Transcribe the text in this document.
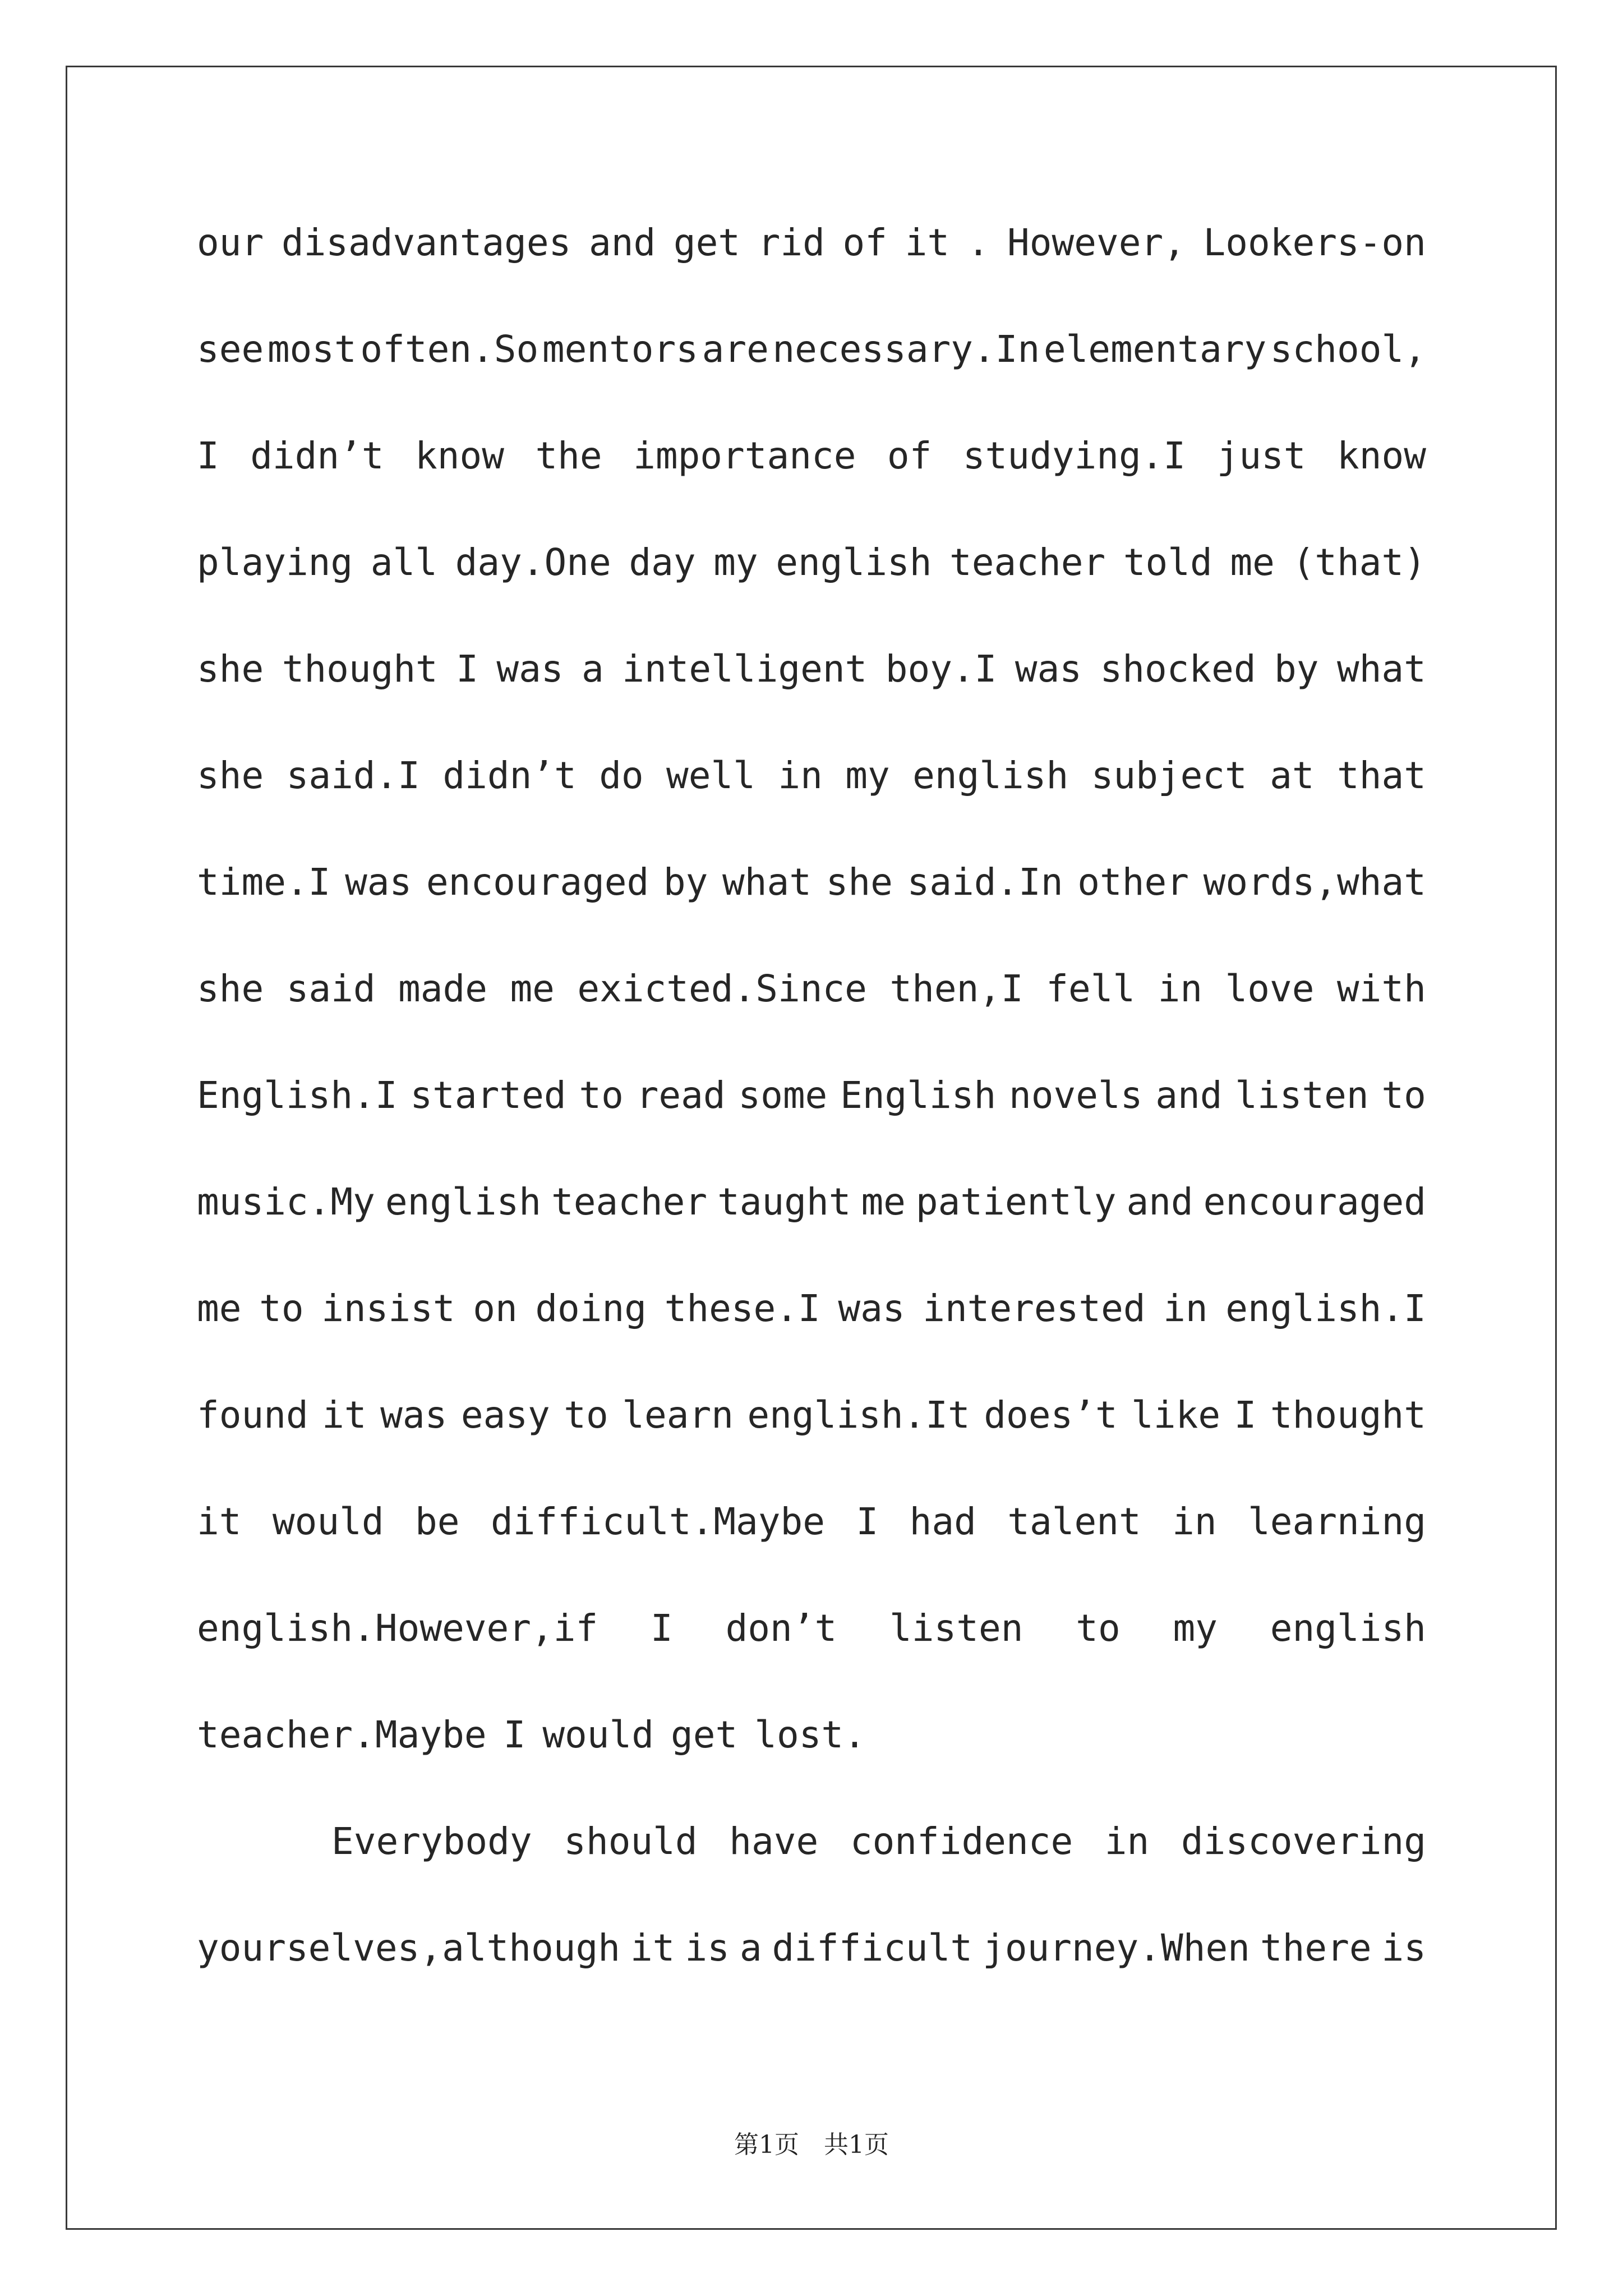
our disadvantages and get rid of it . However, Lookers-on
see most often.So mentors are necessary.In elementary school,
I didn’t know the importance of studying.I just know
playing all day.One day my english teacher told me (that)
she thought I was a intelligent boy.I was shocked by what
she said.I didn’t do well in my english subject at that
time.I was encouraged by what she said.In other words,what
she said made me exicted.Since then,I fell in love with
English.I started to read some English novels and listen to
music.My english teacher taught me patiently and encouraged
me to insist on doing these.I was interested in english.I
found it was easy to learn english.It does’t like I thought
it would be difficult.Maybe I had talent in learning
english.However,if I don’t listen to my english
teacher.Maybe I would get lost.
Everybody should have confidence in discovering
yourselves,although it is a difficult journey.When there is
第1页　共1页
